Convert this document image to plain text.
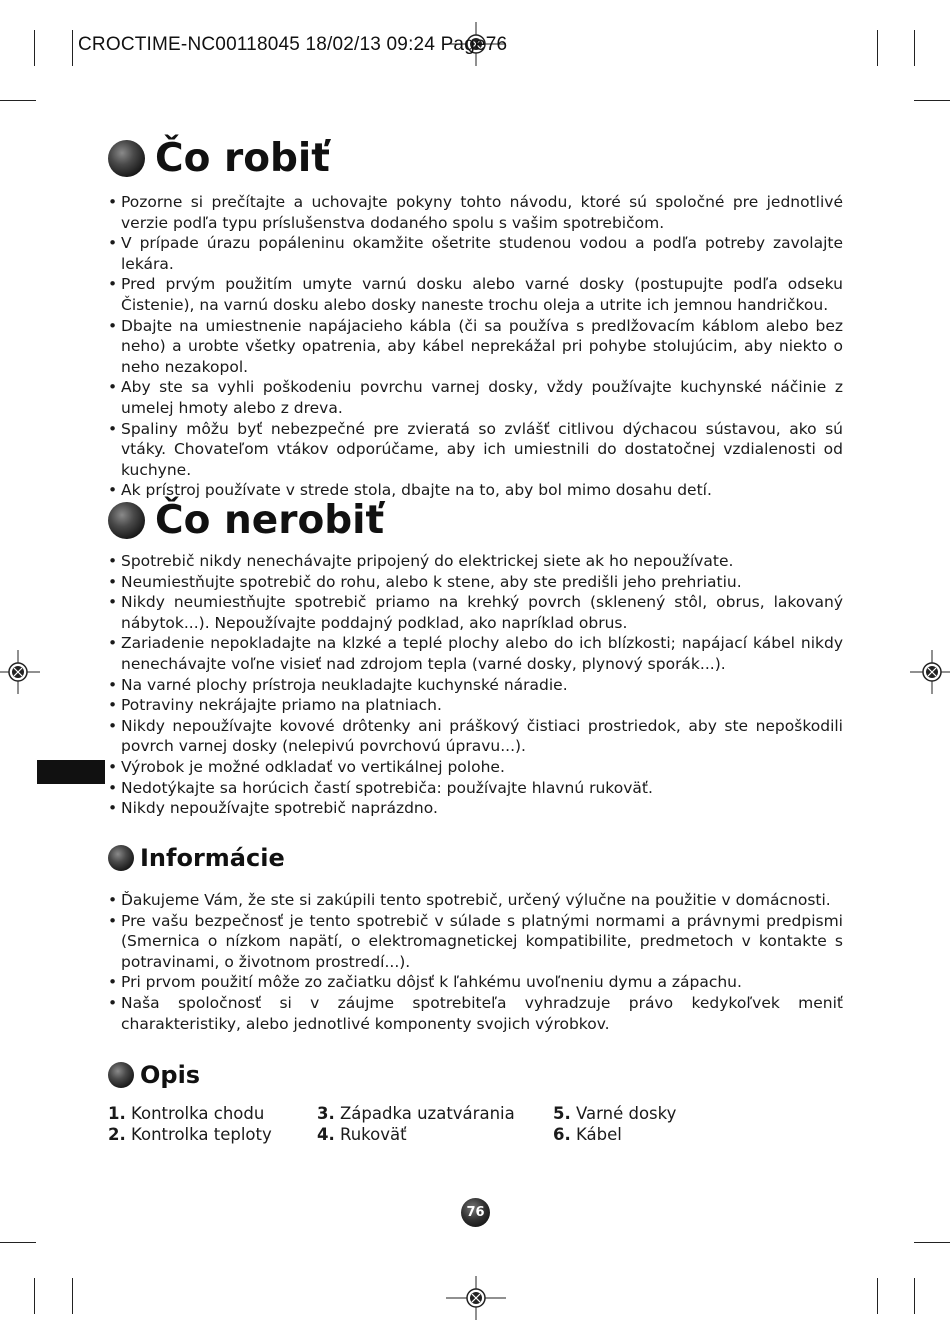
CROCTIME-NC00118045 18/02/13 09:24 Page76
Čo robiť
• Pozorne si prečítajte a uchovajte pokyny tohto návodu, ktoré sú spoločné pre jednotlivé verzie podľa typu príslušenstva dodaného spolu s vašim spotrebičom.
• V prípade úrazu popáleninu okamžite ošetrite studenou vodou a podľa potreby zavolajte lekára.
• Pred prvým použitím umyte varnú dosku alebo varné dosky (postupujte podľa odseku Čistenie), na varnú dosku alebo dosky naneste trochu oleja a utrite ich jemnou handričkou.
• Dbajte na umiestnenie napájacieho kábla (či sa používa s predlžovacím káblom alebo bez neho) a urobte všetky opatrenia, aby kábel neprekážal pri pohybe stolujúcim, aby niekto o neho nezakopol.
• Aby ste sa vyhli poškodeniu povrchu varnej dosky, vždy používajte kuchynské náčinie z umelej hmoty alebo z dreva.
• Spaliny môžu byť nebezpečné pre zvieratá so zvlášť citlivou dýchacou sústavou, ako sú vtáky. Chovateľom vtákov odporúčame, aby ich umiestnili do dostatočnej vzdialenosti od kuchyne.
• Ak prístroj používate v strede stola, dbajte na to, aby bol mimo dosahu detí.
Čo nerobiť
• Spotrebič nikdy nenechávajte pripojený do elektrickej siete ak ho nepoužívate.
• Neumiestňujte spotrebič do rohu, alebo k stene, aby ste predišli jeho prehriatiu.
• Nikdy neumiestňujte spotrebič priamo na krehký povrch (sklenený stôl, obrus, lakovaný nábytok...). Nepoužívajte poddajný podklad, ako napríklad obrus.
• Zariadenie nepokladajte na klzké a teplé plochy alebo do ich blízkosti; napájací kábel nikdy nenechávajte voľne visieť nad zdrojom tepla (varné dosky, plynový sporák...).
• Na varné plochy prístroja neukladajte kuchynské náradie.
• Potraviny nekrájajte priamo na platniach.
• Nikdy nepoužívajte kovové drôtenky ani práškový čistiaci prostriedok, aby ste nepoškodili povrch varnej dosky (nelepivú povrchovú úpravu...).
• Výrobok je možné odkladať vo vertikálnej polohe.
• Nedotýkajte sa horúcich častí spotrebiča: používajte hlavnú rukoväť.
• Nikdy nepoužívajte spotrebič naprázdno.
Informácie
• Ďakujeme Vám, že ste si zakúpili tento spotrebič, určený výlučne na použitie v domácnosti.
• Pre vašu bezpečnosť je tento spotrebič v súlade s platnými normami a právnymi predpismi (Smernica o nízkom napätí, o elektromagnetickej kompatibilite, predmetoch v kontakte s potravinami, o životnom prostredí...).
• Pri prvom použití môže zo začiatku dôjsť k ľahkému uvoľneniu dymu a zápachu.
• Naša spoločnosť si v záujme spotrebiteľa vyhradzuje právo kedykoľvek meniť charakteristiky, alebo jednotlivé komponenty svojich výrobkov.
Opis
1. Kontrolka chodu
2. Kontrolka teploty
3. Západka uzatvárania
4. Rukoväť
5. Varné dosky
6. Kábel
76
